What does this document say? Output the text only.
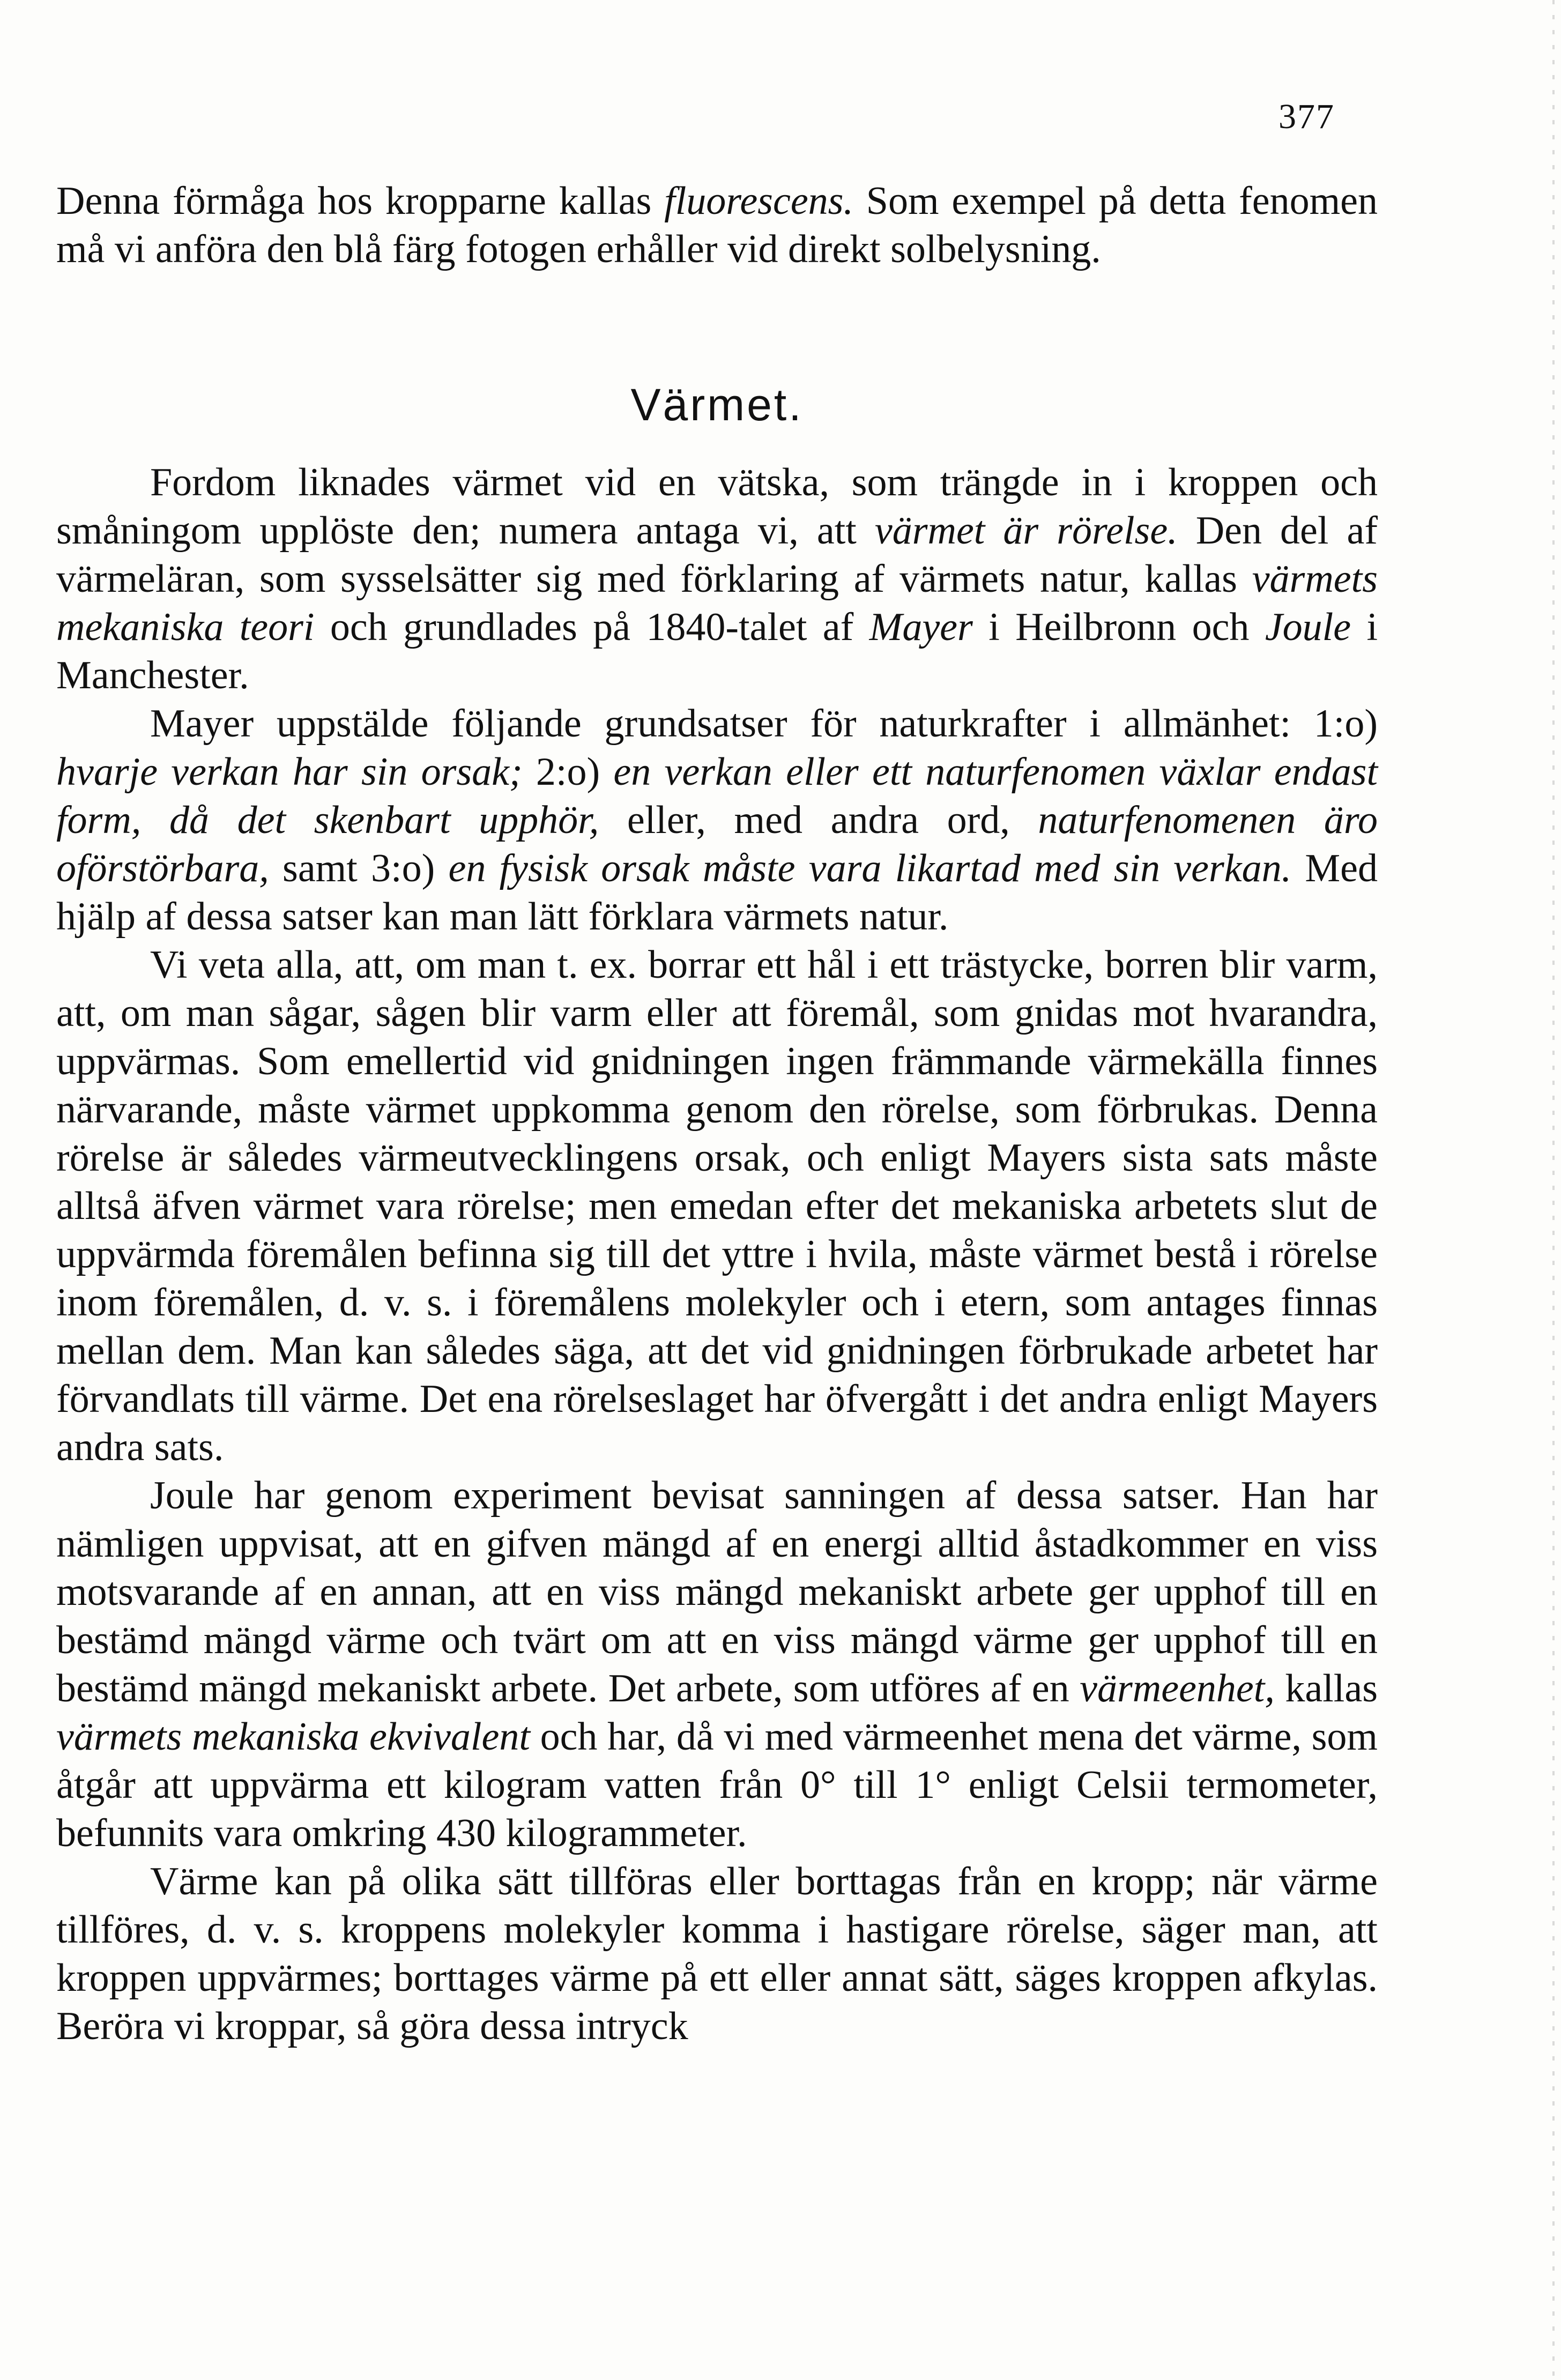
377

Denna förmåga hos kropparne kallas fluorescens. Som exempel på detta fenomen må vi anföra den blå färg fotogen erhåller vid direkt solbelysning.

Värmet.

Fordom liknades värmet vid en vätska, som trängde in i kroppen och småningom upplöste den; numera antaga vi, att värmet är rörelse. Den del af värmeläran, som sysselsätter sig med förklaring af värmets natur, kallas värmets mekaniska teori och grundlades på 1840-talet af Mayer i Heilbronn och Joule i Manchester.

Mayer uppstälde följande grundsatser för naturkrafter i allmänhet: 1:o) hvarje verkan har sin orsak; 2:o) en verkan eller ett naturfenomen växlar endast form, då det skenbart upphör, eller, med andra ord, naturfenomenen äro oförstörbara, samt 3:o) en fysisk orsak måste vara likartad med sin verkan. Med hjälp af dessa satser kan man lätt förklara värmets natur.

Vi veta alla, att, om man t. ex. borrar ett hål i ett trästycke, borren blir varm, att, om man sågar, sågen blir varm eller att föremål, som gnidas mot hvarandra, uppvärmas. Som emellertid vid gnidningen ingen främmande värmekälla finnes närvarande, måste värmet uppkomma genom den rörelse, som förbrukas. Denna rörelse är således värmeutvecklingens orsak, och enligt Mayers sista sats måste alltså äfven värmet vara rörelse; men emedan efter det mekaniska arbetets slut de uppvärmda föremålen befinna sig till det yttre i hvila, måste värmet bestå i rörelse inom föremålen, d. v. s. i föremålens molekyler och i etern, som antages finnas mellan dem. Man kan således säga, att det vid gnidningen förbrukade arbetet har förvandlats till värme. Det ena rörelseslaget har öfvergått i det andra enligt Mayers andra sats.

Joule har genom experiment bevisat sanningen af dessa satser. Han har nämligen uppvisat, att en gifven mängd af en energi alltid åstadkommer en viss motsvarande af en annan, att en viss mängd mekaniskt arbete ger upphof till en bestämd mängd värme och tvärt om att en viss mängd värme ger upphof till en bestämd mängd mekaniskt arbete. Det arbete, som utföres af en värmeenhet, kallas värmets mekaniska ekvivalent och har, då vi med värmeenhet mena det värme, som åtgår att uppvärma ett kilogram vatten från 0° till 1° enligt Celsii termometer, befunnits vara omkring 430 kilogrammeter.

Värme kan på olika sätt tillföras eller borttagas från en kropp; när värme tillföres, d. v. s. kroppens molekyler komma i hastigare rörelse, säger man, att kroppen uppvärmes; borttages värme på ett eller annat sätt, säges kroppen afkylas. Beröra vi kroppar, så göra dessa intryck
